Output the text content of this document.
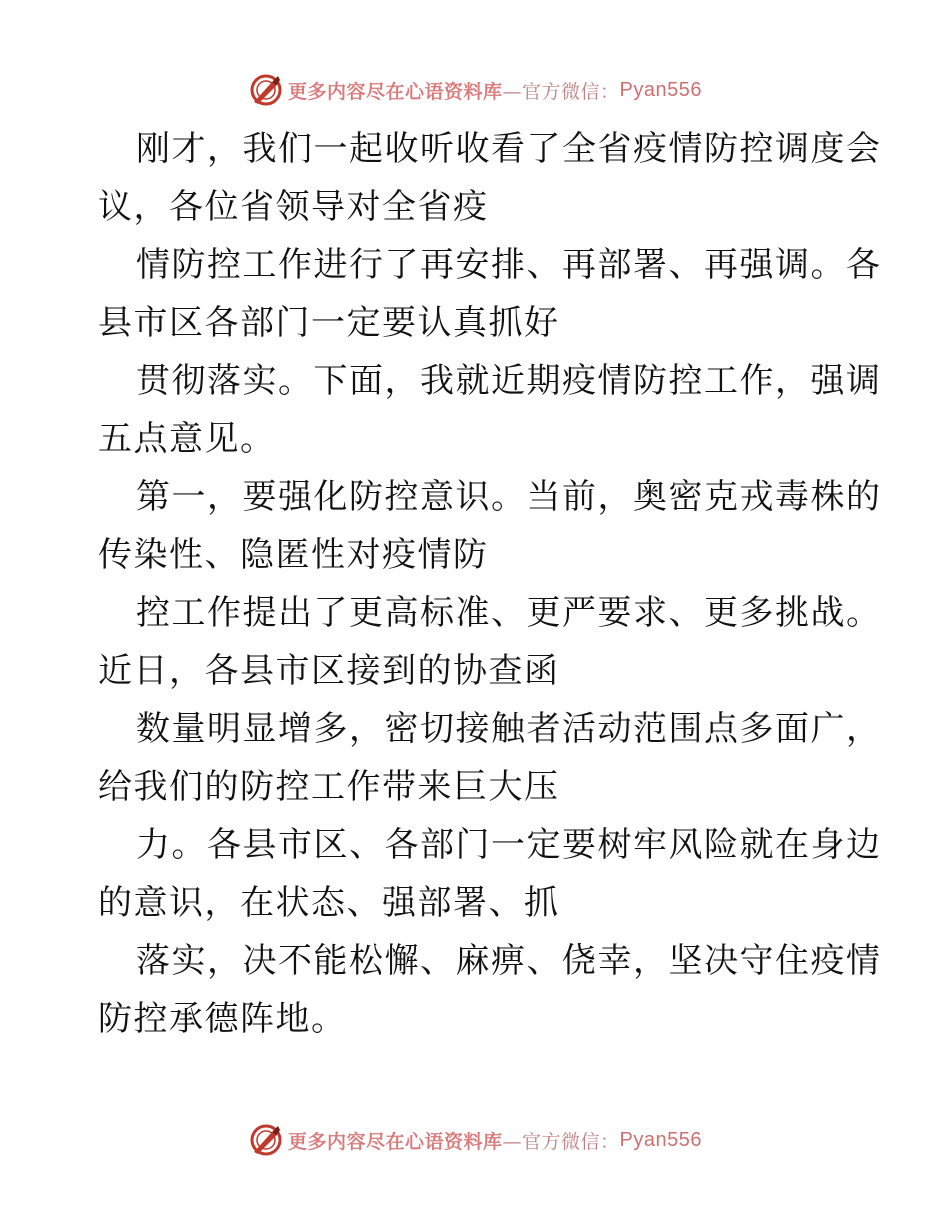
更多内容尽在心语资料库 —官方微信： Pyan556
刚才，我们一起收听收看了全省疫情防控调度会
议，各位省领导对全省疫
情防控工作进行了再安排、再部署、再强调。各
县市区各部门一定要认真抓好
贯彻落实。下面，我就近期疫情防控工作，强调
五点意见。
第一，要强化防控意识。当前，奥密克戎毒株的
传染性、隐匿性对疫情防
控工作提出了更高标准、更严要求、更多挑战。
近日，各县市区接到的协查函
数量明显增多，密切接触者活动范围点多面广，
给我们的防控工作带来巨大压
力。各县市区、各部门一定要树牢风险就在身边
的意识，在状态、强部署、抓
落实，决不能松懈、麻痹、侥幸，坚决守住疫情
防控承德阵地。
更多内容尽在心语资料库 —官方微信： Pyan556
